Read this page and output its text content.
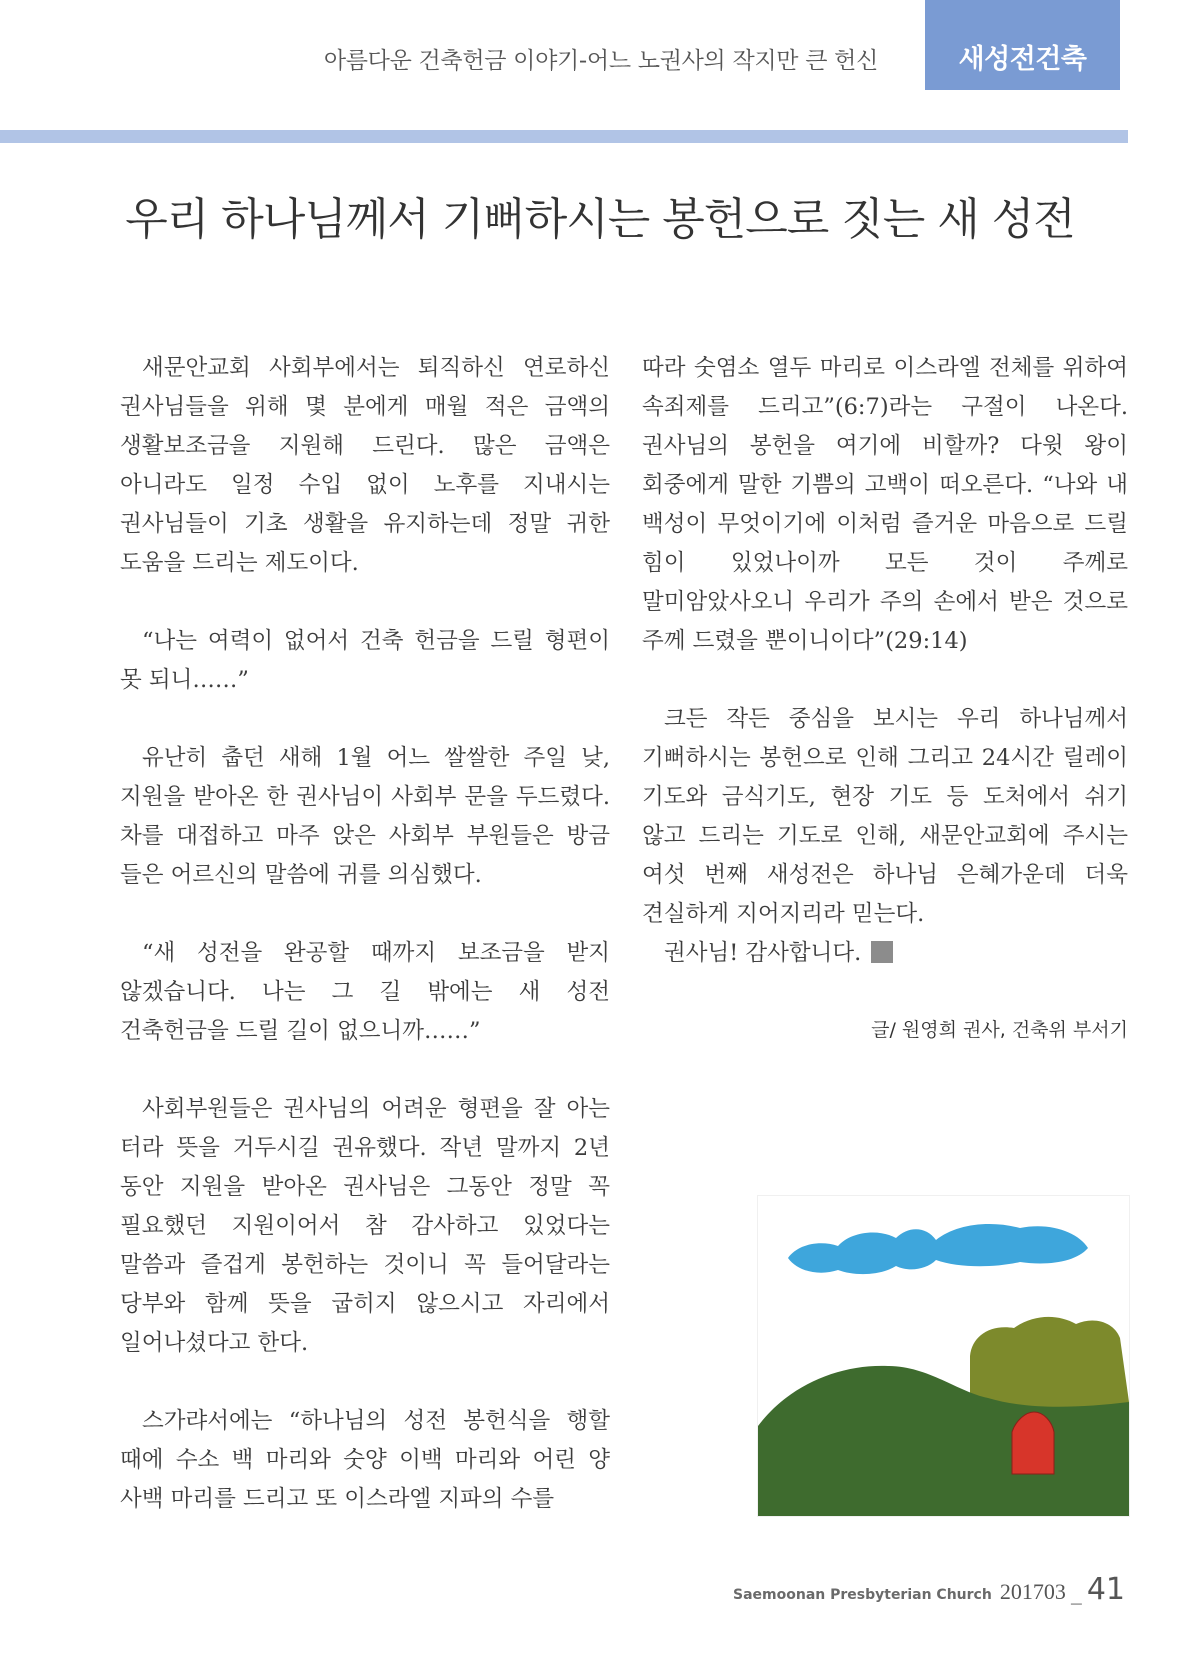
아름다운 건축헌금 이야기-어느 노권사의 작지만 큰 헌신	새성전건축
우리 하나님께서 기뻐하시는 봉헌으로 짓는 새 성전

새문안교회 사회부에서는 퇴직하신 연로하신 권사님들을 위해 몇 분에게 매월 적은 금액의 생활보조금을 지원해 드린다. 많은 금액은 아니라도 일정 수입 없이 노후를 지내시는 권사님들이 기초 생활을 유지하는데 정말 귀한 도움을 드리는 제도이다.

“나는 여력이 없어서 건축 헌금을 드릴 형편이 못 되니……”

유난히 춥던 새해 1월 어느 쌀쌀한 주일 낮, 지원을 받아온 한 권사님이 사회부 문을 두드렸다. 차를 대접하고 마주 앉은 사회부 부원들은 방금 들은 어르신의 말씀에 귀를 의심했다.

“새 성전을 완공할 때까지 보조금을 받지 않겠습니다. 나는 그 길 밖에는 새 성전 건축헌금을 드릴 길이 없으니까……”

사회부원들은 권사님의 어려운 형편을 잘 아는 터라 뜻을 거두시길 권유했다. 작년 말까지 2년 동안 지원을 받아온 권사님은 그동안 정말 꼭 필요했던 지원이어서 참 감사하고 있었다는 말씀과 즐겁게 봉헌하는 것이니 꼭 들어달라는 당부와 함께 뜻을 굽히지 않으시고 자리에서 일어나셨다고 한다.

스가랴서에는 “하나님의 성전 봉헌식을 행할 때에 수소 백 마리와 숫양 이백 마리와 어린 양 사백 마리를 드리고 또 이스라엘 지파의 수를

따라 숫염소 열두 마리로 이스라엘 전체를 위하여 속죄제를 드리고”(6:7)라는 구절이 나온다. 권사님의 봉헌을 여기에 비할까? 다윗 왕이 회중에게 말한 기쁨의 고백이 떠오른다. “나와 내 백성이 무엇이기에 이처럼 즐거운 마음으로 드릴 힘이 있었나이까 모든 것이 주께로 말미암았사오니 우리가 주의 손에서 받은 것으로 주께 드렸을 뿐이니이다”(29:14)

크든 작든 중심을 보시는 우리 하나님께서 기뻐하시는 봉헌으로 인해 그리고 24시간 릴레이 기도와 금식기도, 현장 기도 등 도처에서 쉬기 않고 드리는 기도로 인해, 새문안교회에 주시는 여섯 번째 새성전은 하나님 은혜가운데 더욱 견실하게 지어지리라 믿는다.

권사님! 감사합니다.

글/ 원영희 권사, 건축위 부서기
Saemoonan Presbyterian Church 201703 _ 41
